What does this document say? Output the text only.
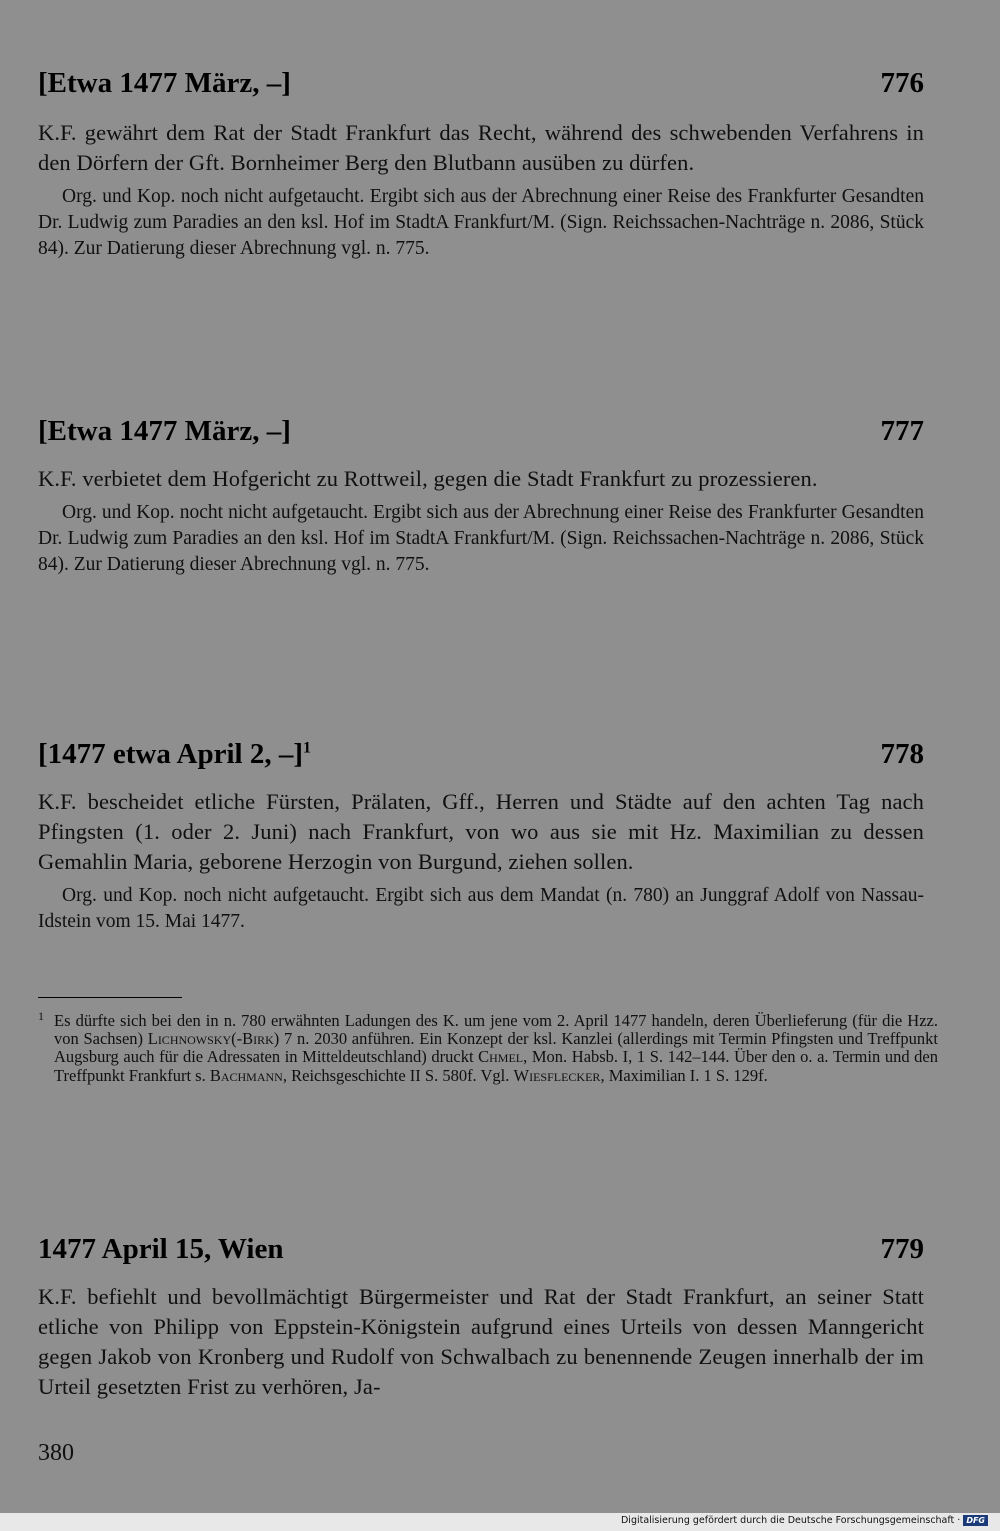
[Etwa 1477 März, –]	776

K.F. gewährt dem Rat der Stadt Frankfurt das Recht, während des schwebenden Verfahrens in den Dörfern der Gft. Bornheimer Berg den Blutbann ausüben zu dürfen.

Org. und Kop. noch nicht aufgetaucht. Ergibt sich aus der Abrechnung einer Reise des Frankfurter Gesandten Dr. Ludwig zum Paradies an den ksl. Hof im StadtA Frankfurt/M. (Sign. Reichssachen-Nachträge n. 2086, Stück 84). Zur Datierung dieser Abrechnung vgl. n. 775.

[Etwa 1477 März, –]	777

K.F. verbietet dem Hofgericht zu Rottweil, gegen die Stadt Frankfurt zu prozessieren.

Org. und Kop. nocht nicht aufgetaucht. Ergibt sich aus der Abrechnung einer Reise des Frankfurter Gesandten Dr. Ludwig zum Paradies an den ksl. Hof im StadtA Frankfurt/M. (Sign. Reichssachen-Nachträge n. 2086, Stück 84). Zur Datierung dieser Abrechnung vgl. n. 775.

[1477 etwa April 2, –]$^1$	778

K.F. bescheidet etliche Fürsten, Prälaten, Gff., Herren und Städte auf den achten Tag nach Pfingsten (1. oder 2. Juni) nach Frankfurt, von wo aus sie mit Hz. Maximilian zu dessen Gemahlin Maria, geborene Herzogin von Burgund, ziehen sollen.

Org. und Kop. noch nicht aufgetaucht. Ergibt sich aus dem Mandat (n. 780) an Junggraf Adolf von Nassau-Idstein vom 15. Mai 1477.

1 Es dürfte sich bei den in n. 780 erwähnten Ladungen des K. um jene vom 2. April 1477 handeln, deren Überlieferung (für die Hzz. von Sachsen) Lichnowsky(-Birk) 7 n. 2030 anführen. Ein Konzept der ksl. Kanzlei (allerdings mit Termin Pfingsten und Treffpunkt Augsburg auch für die Adressaten in Mitteldeutschland) druckt Chmel, Mon. Habsb. I, 1 S. 142–144. Über den o. a. Termin und den Treffpunkt Frankfurt s. Bachmann, Reichsgeschichte II S. 580f. Vgl. Wiesflecker, Maximilian I. 1 S. 129f.
1477 April 15, Wien	779

K.F. befiehlt und bevollmächtigt Bürgermeister und Rat der Stadt Frankfurt, an seiner Statt etliche von Philipp von Eppstein-Königstein aufgrund eines Urteils von dessen Manngericht gegen Jakob von Kronberg und Rudolf von Schwalbach zu benennende Zeugen innerhalb der im Urteil gesetzten Frist zu verhören, Ja-

380
Digitalisierung gefördert durch die Deutsche Forschungsgemeinschaft · DFG
